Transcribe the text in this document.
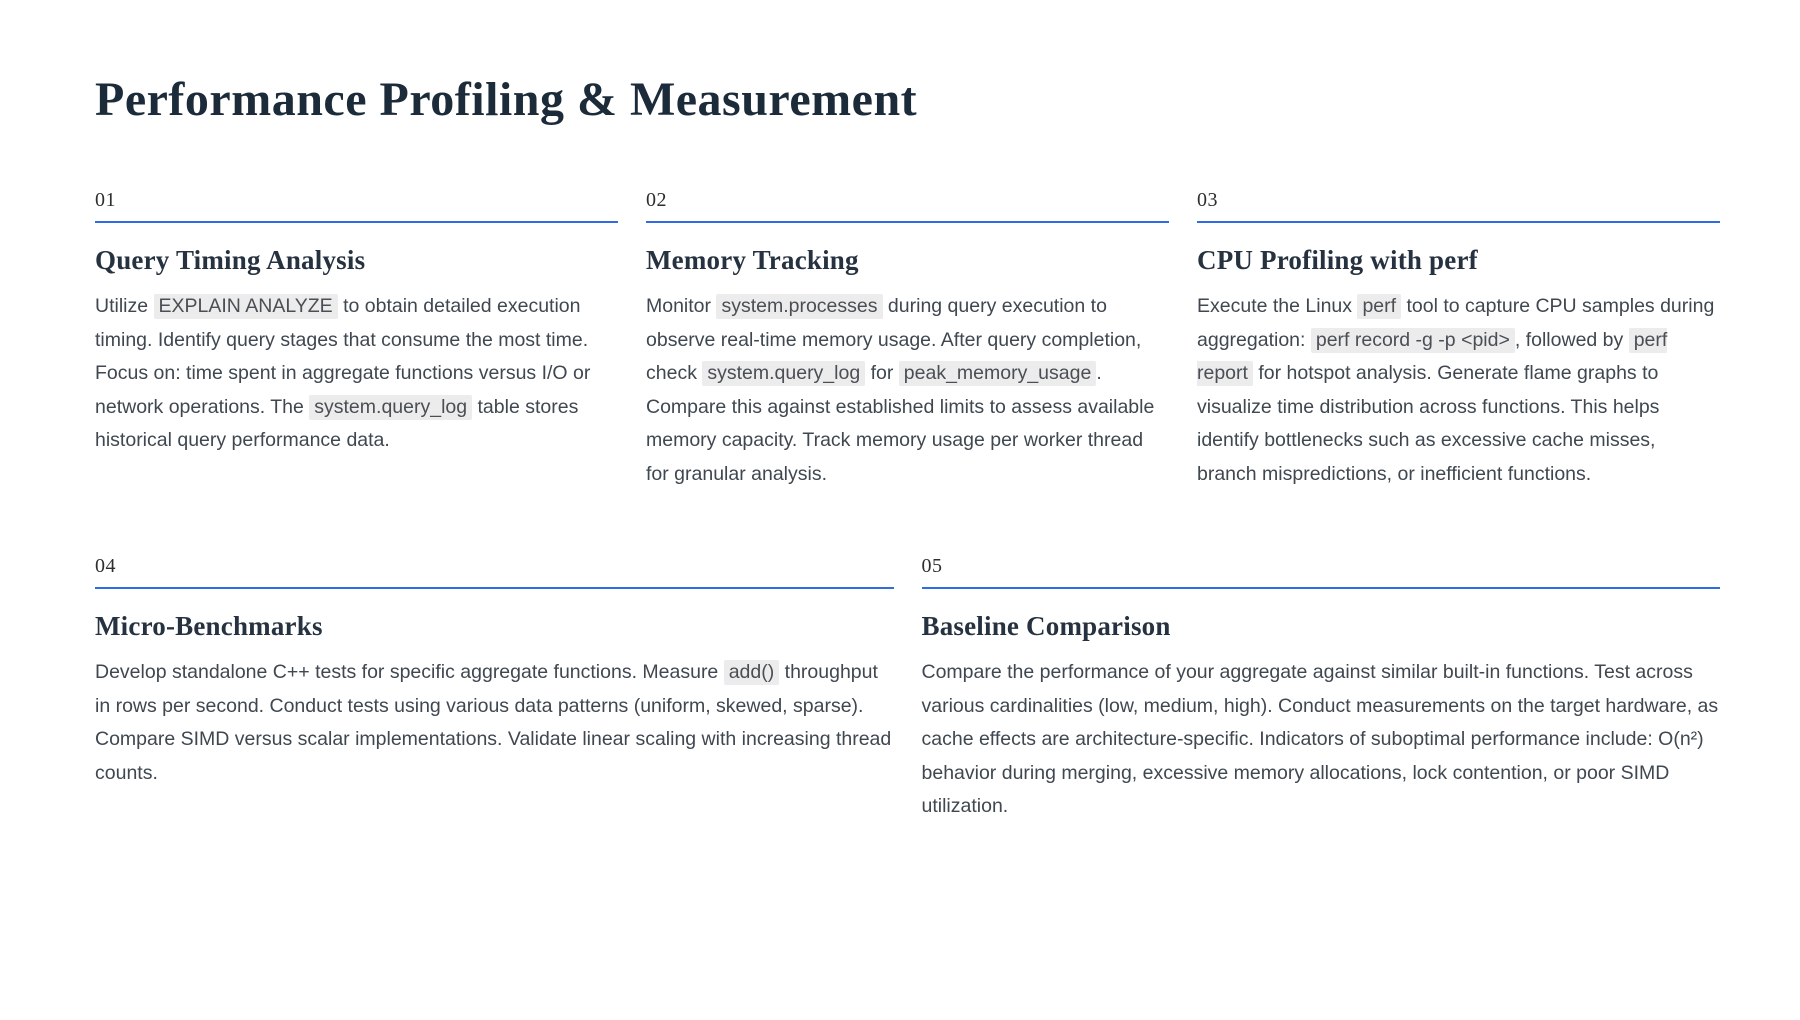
Performance Profiling & Measurement
01
Query Timing Analysis

Utilize EXPLAIN ANALYZE to obtain detailed execution timing. Identify query stages that consume the most time. Focus on: time spent in aggregate functions versus I/O or network operations. The system.query_log table stores historical query performance data.

02
Memory Tracking

Monitor system.processes during query execution to observe real-time memory usage. After query completion, check system.query_log for peak_memory_usage . Compare this against established limits to assess available memory capacity. Track memory usage per worker thread for granular analysis.

03
CPU Profiling with perf

Execute the Linux perf tool to capture CPU samples during aggregation: perf record -g -p <pid> , followed by perf report for hotspot analysis. Generate flame graphs to visualize time distribution across functions. This helps identify bottlenecks such as excessive cache misses, branch mispredictions, or inefficient functions.

04
Micro-Benchmarks

Develop standalone C++ tests for specific aggregate functions. Measure add() throughput in rows per second. Conduct tests using various data patterns (uniform, skewed, sparse). Compare SIMD versus scalar implementations. Validate linear scaling with increasing thread counts.

05
Baseline Comparison

Compare the performance of your aggregate against similar built-in functions. Test across various cardinalities (low, medium, high). Conduct measurements on the target hardware, as cache effects are architecture-specific. Indicators of suboptimal performance include: O(n²) behavior during merging, excessive memory allocations, lock contention, or poor SIMD utilization.
